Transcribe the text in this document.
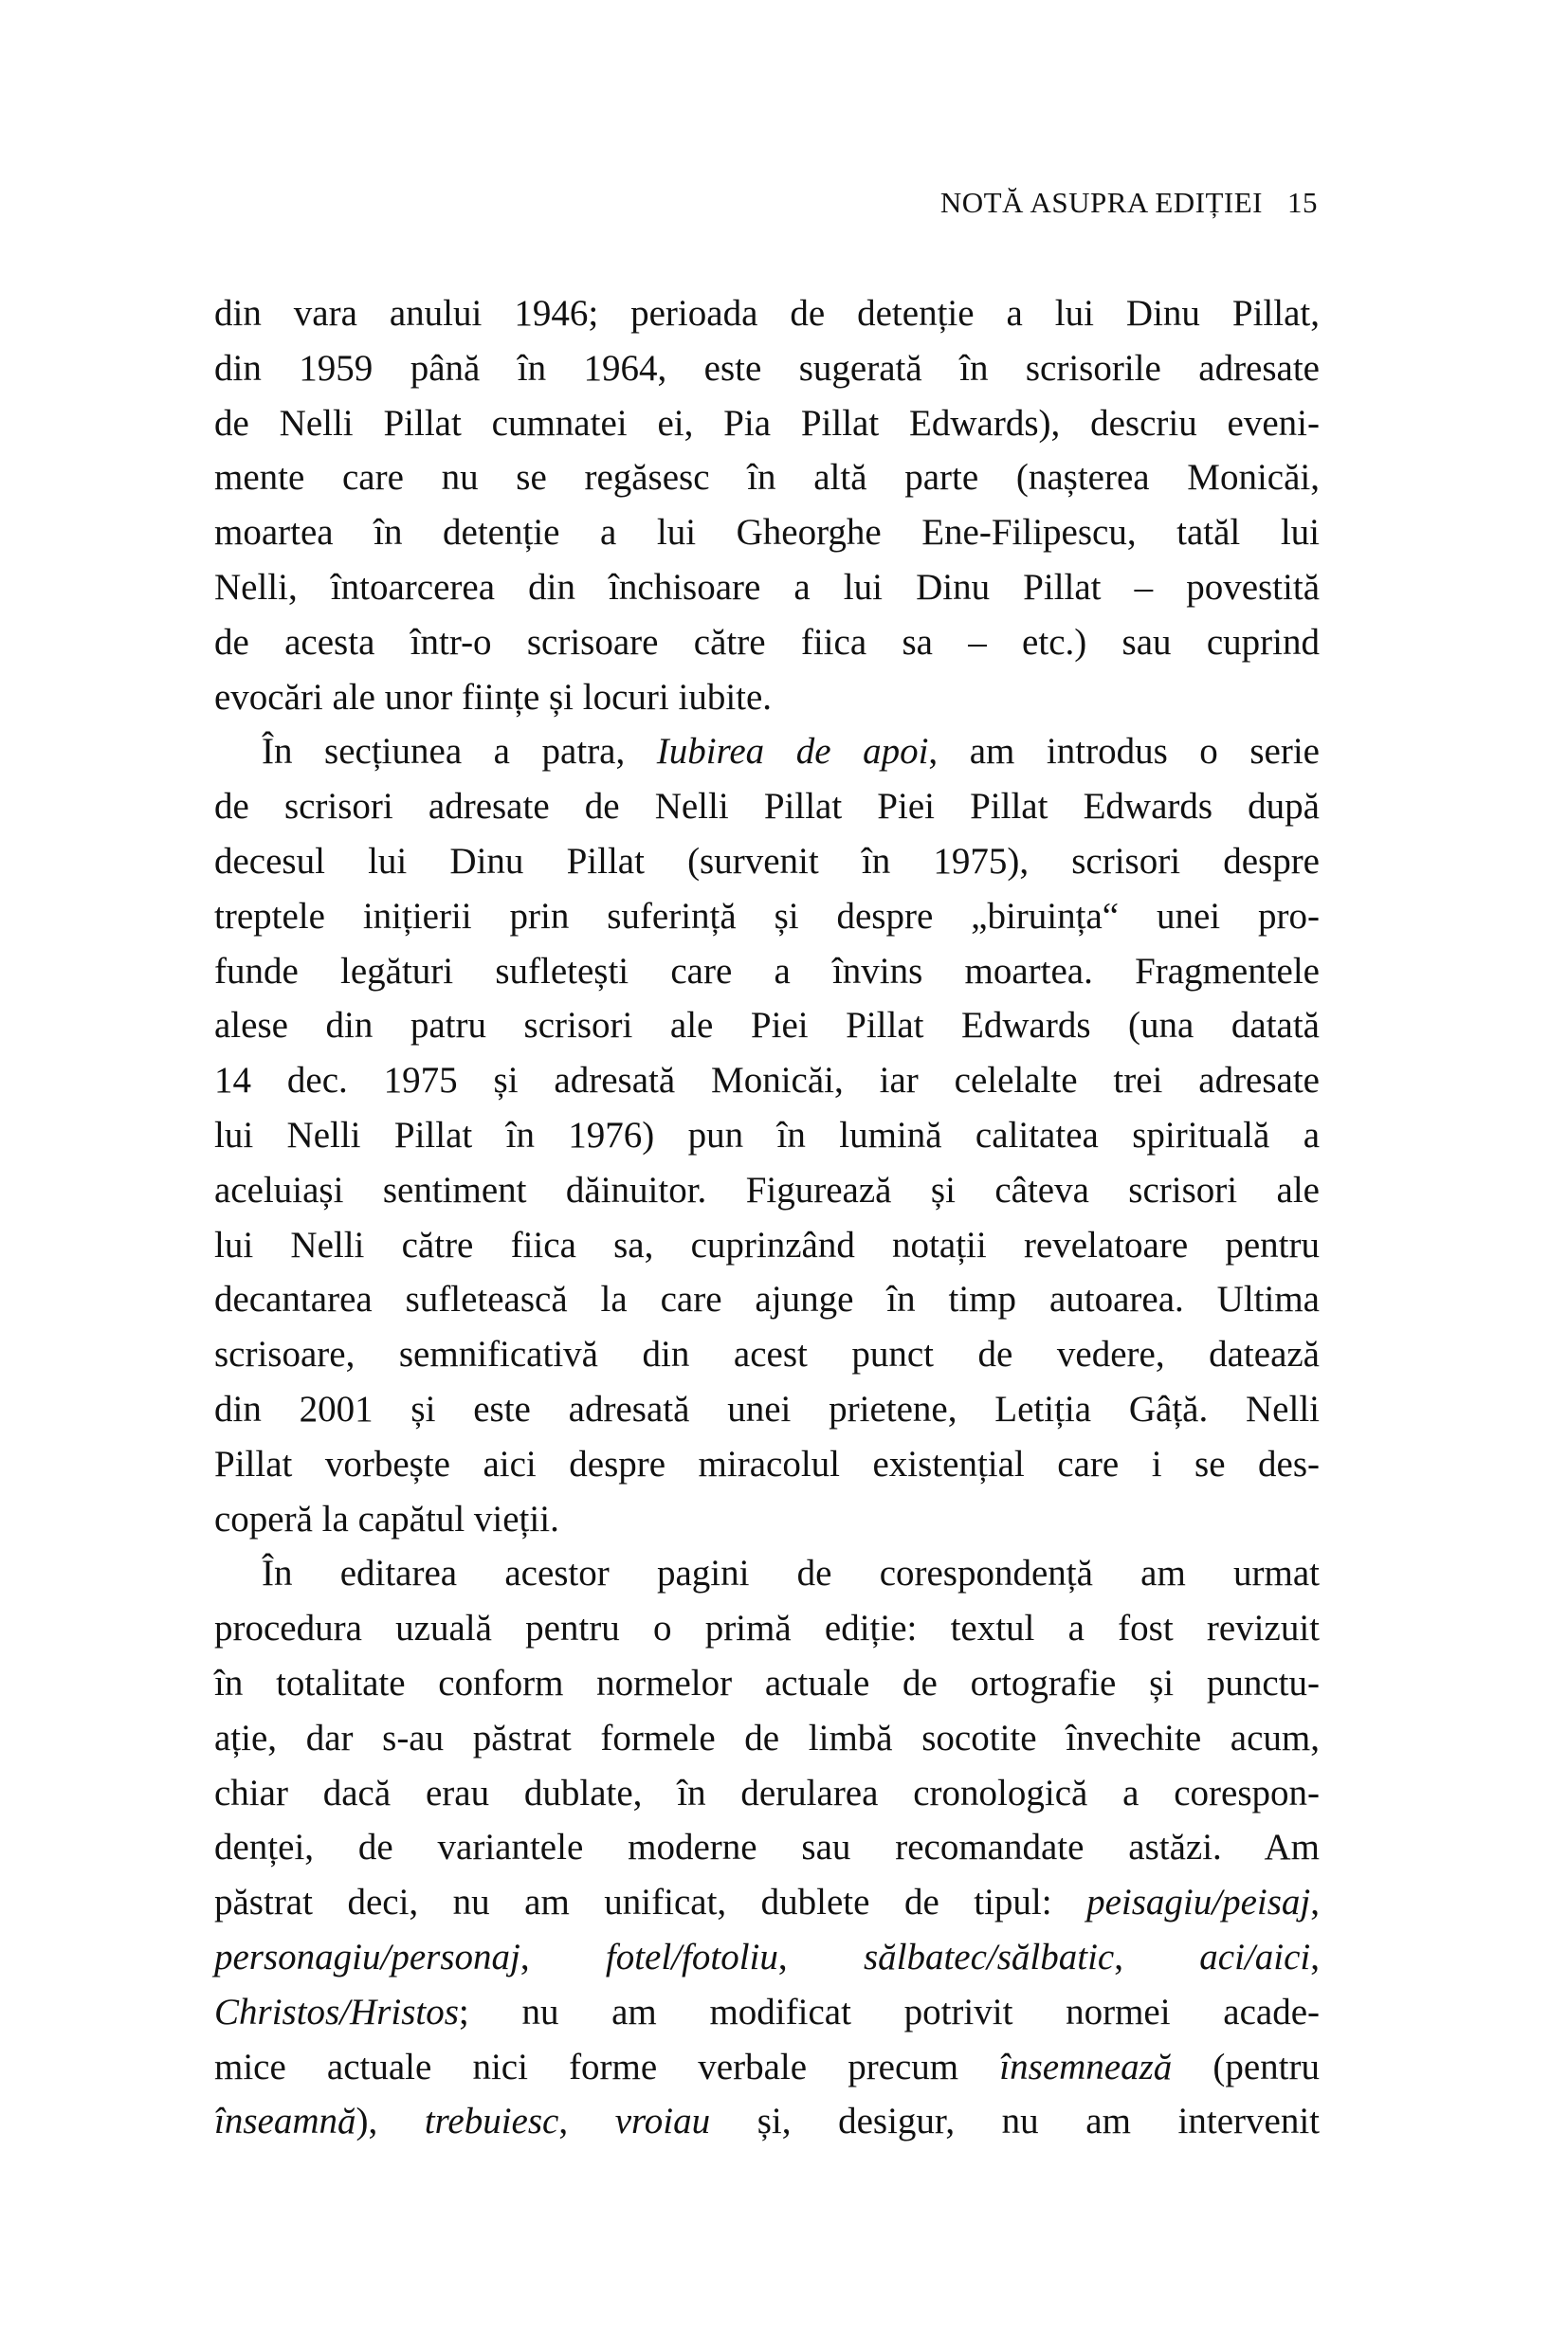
NOTĂ ASUPRA EDIȚIEI 15
din vara anului 1946; perioada de detenție a lui Dinu Pillat,
din 1959 până în 1964, este sugerată în scrisorile adresate
de Nelli Pillat cumnatei ei, Pia Pillat Edwards), descriu eveni-
mente care nu se regăsesc în altă parte (nașterea Monicăi,
moartea în detenție a lui Gheorghe Ene-Filipescu, tatăl lui
Nelli, întoarcerea din închisoare a lui Dinu Pillat – povestită
de acesta într-o scrisoare către fiica sa – etc.) sau cuprind
evocări ale unor ființe și locuri iubite.
În secțiunea a patra, Iubirea de apoi, am introdus o serie
de scrisori adresate de Nelli Pillat Piei Pillat Edwards după
decesul lui Dinu Pillat (survenit în 1975), scrisori despre
treptele inițierii prin suferință și despre „biruința“ unei pro-
funde legături sufletești care a învins moartea. Fragmentele
alese din patru scrisori ale Piei Pillat Edwards (una datată
14 dec. 1975 și adresată Monicăi, iar celelalte trei adresate
lui Nelli Pillat în 1976) pun în lumină calitatea spirituală a
aceluiași sentiment dăinuitor. Figurează și câteva scrisori ale
lui Nelli către fiica sa, cuprinzând notații revelatoare pentru
decantarea sufletească la care ajunge în timp autoarea. Ultima
scrisoare, semnificativă din acest punct de vedere, datează
din 2001 și este adresată unei prietene, Letiția Gâță. Nelli
Pillat vorbește aici despre miracolul existențial care i se des-
coperă la capătul vieții.
În editarea acestor pagini de corespondență am urmat
procedura uzuală pentru o primă ediție: textul a fost revizuit
în totalitate conform normelor actuale de ortografie și punctu-
ație, dar s-au păstrat formele de limbă socotite învechite acum,
chiar dacă erau dublate, în derularea cronologică a corespon-
denței, de variantele moderne sau recomandate astăzi. Am
păstrat deci, nu am unificat, dublete de tipul: peisagiu/peisaj,
personagiu/personaj, fotel/fotoliu, sălbatec/sălbatic, aci/aici,
Christos/Hristos; nu am modificat potrivit normei acade-
mice actuale nici forme verbale precum însemnează (pentru
înseamnă), trebuiesc, vroiau și, desigur, nu am intervenit
